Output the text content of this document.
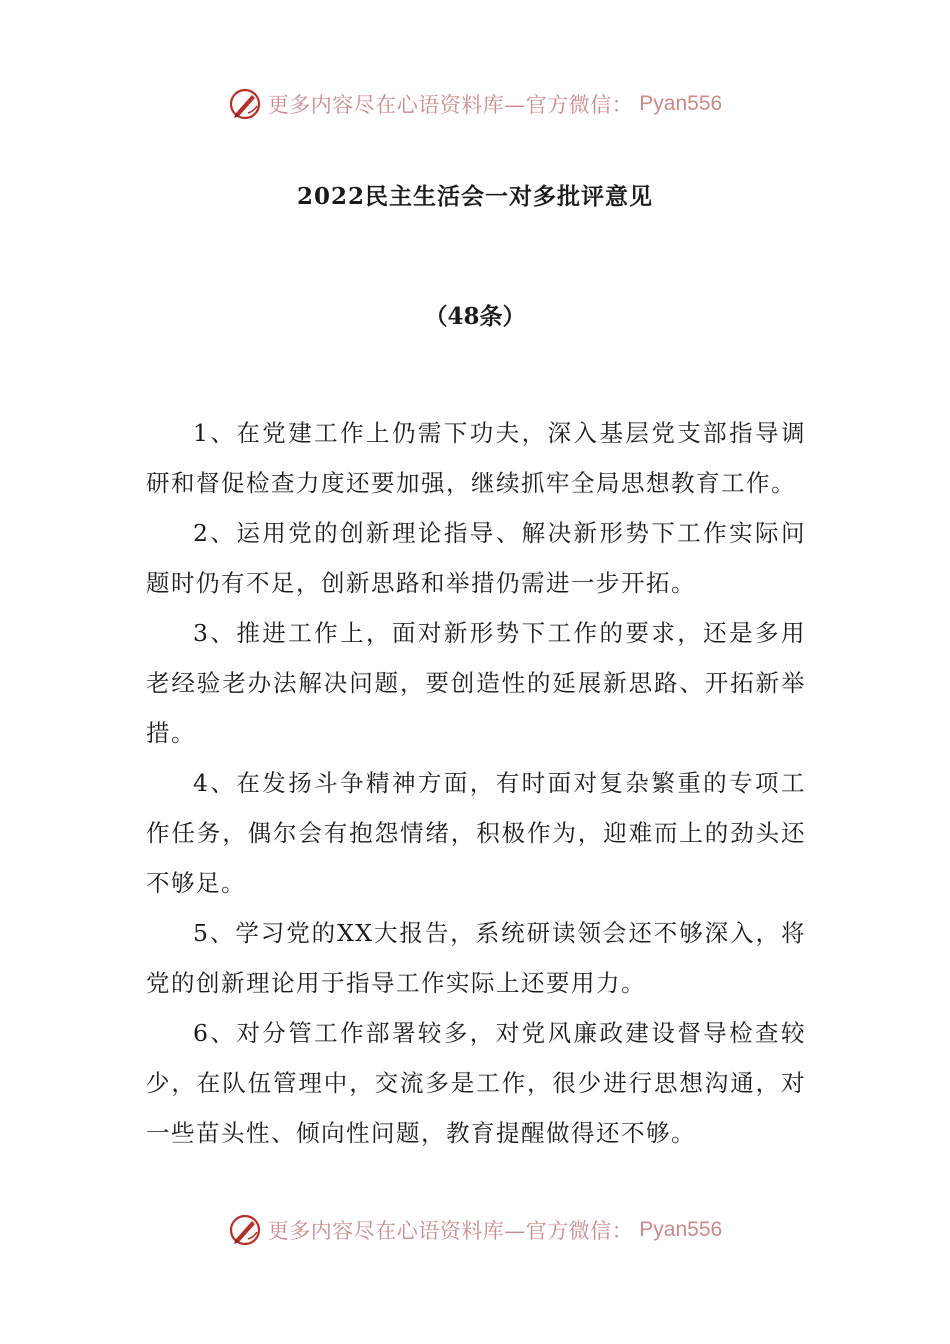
更多内容尽在心语资料库—官方微信： Pyan556
2022民主生活会一对多批评意见
（48条）

1、在党建工作上仍需下功夫，深入基层党支部指导调研和督促检查力度还要加强，继续抓牢全局思想教育工作。

2、运用党的创新理论指导、解决新形势下工作实际问题时仍有不足，创新思路和举措仍需进一步开拓。

3、推进工作上，面对新形势下工作的要求，还是多用老经验老办法解决问题，要创造性的延展新思路、开拓新举措。

4、在发扬斗争精神方面，有时面对复杂繁重的专项工作任务，偶尔会有抱怨情绪，积极作为，迎难而上的劲头还不够足。

5、学习党的XX大报告，系统研读领会还不够深入，将党的创新理论用于指导工作实际上还要用力。

6、对分管工作部署较多，对党风廉政建设督导检查较少，在队伍管理中，交流多是工作，很少进行思想沟通，对一些苗头性、倾向性问题，教育提醒做得还不够。

更多内容尽在心语资料库—官方微信： Pyan556
